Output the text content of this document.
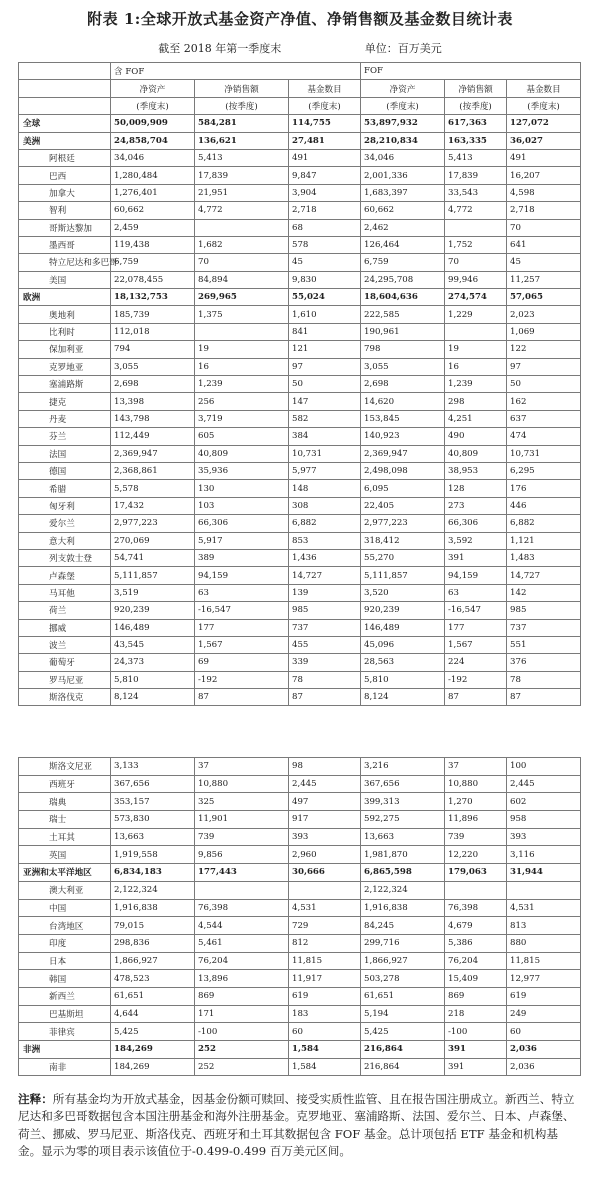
附表 1:全球开放式基金资产净值、净销售额及基金数目统计表
截至 2018 年第一季度末	单位：百万美元
	含 FOF			FOF		
	净资产	净销售额	基金数目	净资产	净销售额	基金数目
	(季度末)	(按季度)	(季度末)	(季度末)	(按季度)	(季度末)
全球	50,009,909	584,281	114,755	53,897,932	617,363	127,072
美洲	24,858,704	136,621	27,481	28,210,834	163,335	36,027
阿根廷	34,046	5,413	491	34,046	5,413	491
巴西	1,280,484	17,839	9,847	2,001,336	17,839	16,207
加拿大	1,276,401	21,951	3,904	1,683,397	33,543	4,598
智利	60,662	4,772	2,718	60,662	4,772	2,718
哥斯达黎加	2,459		68	2,462		70
墨西哥	119,438	1,682	578	126,464	1,752	641
特立尼达和多巴哥	6,759	70	45	6,759	70	45
美国	22,078,455	84,894	9,830	24,295,708	99,946	11,257
欧洲	18,132,753	269,965	55,024	18,604,636	274,574	57,065
奥地利	185,739	1,375	1,610	222,585	1,229	2,023
比利时	112,018		841	190,961		1,069
保加利亚	794	19	121	798	19	122
克罗地亚	3,055	16	97	3,055	16	97
塞浦路斯	2,698	1,239	50	2,698	1,239	50
捷克	13,398	256	147	14,620	298	162
丹麦	143,798	3,719	582	153,845	4,251	637
芬兰	112,449	605	384	140,923	490	474
法国	2,369,947	40,809	10,731	2,369,947	40,809	10,731
德国	2,368,861	35,936	5,977	2,498,098	38,953	6,295
希腊	5,578	130	148	6,095	128	176
匈牙利	17,432	103	308	22,405	273	446
爱尔兰	2,977,223	66,306	6,882	2,977,223	66,306	6,882
意大利	270,069	5,917	853	318,412	3,592	1,121
列支敦士登	54,741	389	1,436	55,270	391	1,483
卢森堡	5,111,857	94,159	14,727	5,111,857	94,159	14,727
马耳他	3,519	63	139	3,520	63	142
荷兰	920,239	-16,547	985	920,239	-16,547	985
挪威	146,489	177	737	146,489	177	737
波兰	43,545	1,567	455	45,096	1,567	551
葡萄牙	24,373	69	339	28,563	224	376
罗马尼亚	5,810	-192	78	5,810	-192	78
斯洛伐克	8,124	87	87	8,124	87	87
斯洛文尼亚	3,133	37	98	3,216	37	100
西班牙	367,656	10,880	2,445	367,656	10,880	2,445
瑞典	353,157	325	497	399,313	1,270	602
瑞士	573,830	11,901	917	592,275	11,896	958
土耳其	13,663	739	393	13,663	739	393
英国	1,919,558	9,856	2,960	1,981,870	12,220	3,116
亚洲和太平洋地区	6,834,183	177,443	30,666	6,865,598	179,063	31,944
澳大利亚	2,122,324			2,122,324		
中国	1,916,838	76,398	4,531	1,916,838	76,398	4,531
台湾地区	79,015	4,544	729	84,245	4,679	813
印度	298,836	5,461	812	299,716	5,386	880
日本	1,866,927	76,204	11,815	1,866,927	76,204	11,815
韩国	478,523	13,896	11,917	503,278	15,409	12,977
新西兰	61,651	869	619	61,651	869	619
巴基斯坦	4,644	171	183	5,194	218	249
菲律宾	5,425	-100	60	5,425	-100	60
非洲	184,269	252	1,584	216,864	391	2,036
南非	184,269	252	1,584	216,864	391	2,036
注释：所有基金均为开放式基金，因基金份额可赎回、接受实质性监管、且在报告国注册成立。新西兰、特立尼达和多巴哥数据包含本国注册基金和海外注册基金。克罗地亚、塞浦路斯、法国、爱尔兰、日本、卢森堡、荷兰、挪威、罗马尼亚、斯洛伐克、西班牙和土耳其数据包含 FOF 基金。总计项包括 ETF 基金和机构基金。显示为零的项目表示该值位于-0.499-0.499 百万美元区间。
